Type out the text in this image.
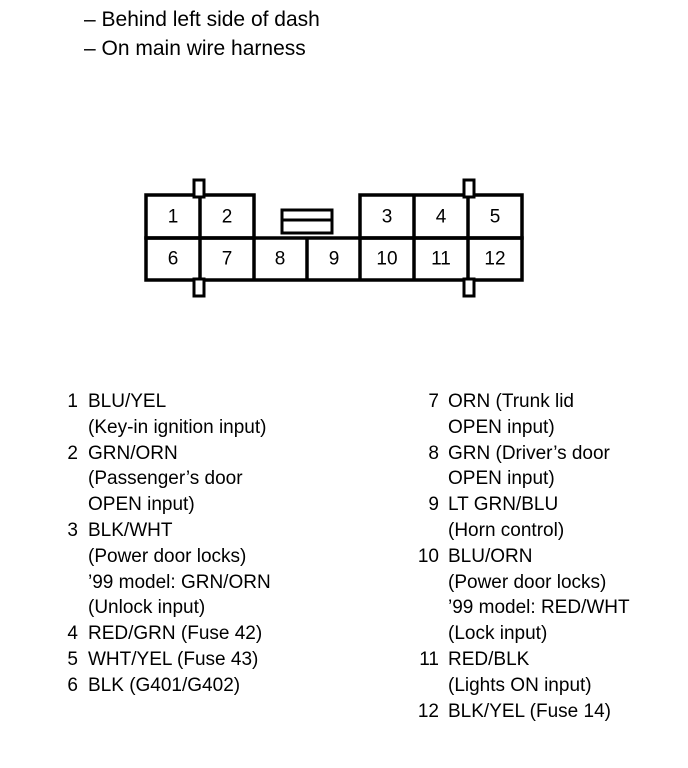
– Behind left side of dash
– On main wire harness
1 2	3 4 5
6 7 8 9 10 11 12
1 BLU/YEL
(Key-in ignition input)
2 GRN/ORN
(Passenger’s door
OPEN input)
3 BLK/WHT
(Power door locks)
’99 model: GRN/ORN
(Unlock input)
4 RED/GRN (Fuse 42)
5 WHT/YEL (Fuse 43)
6 BLK (G401/G402)
7 ORN (Trunk lid
OPEN input)
8 GRN (Driver’s door
OPEN input)
9 LT GRN/BLU
(Horn control)
10 BLU/ORN
(Power door locks)
’99 model: RED/WHT
(Lock input)
11 RED/BLK
(Lights ON input)
12 BLK/YEL (Fuse 14)
